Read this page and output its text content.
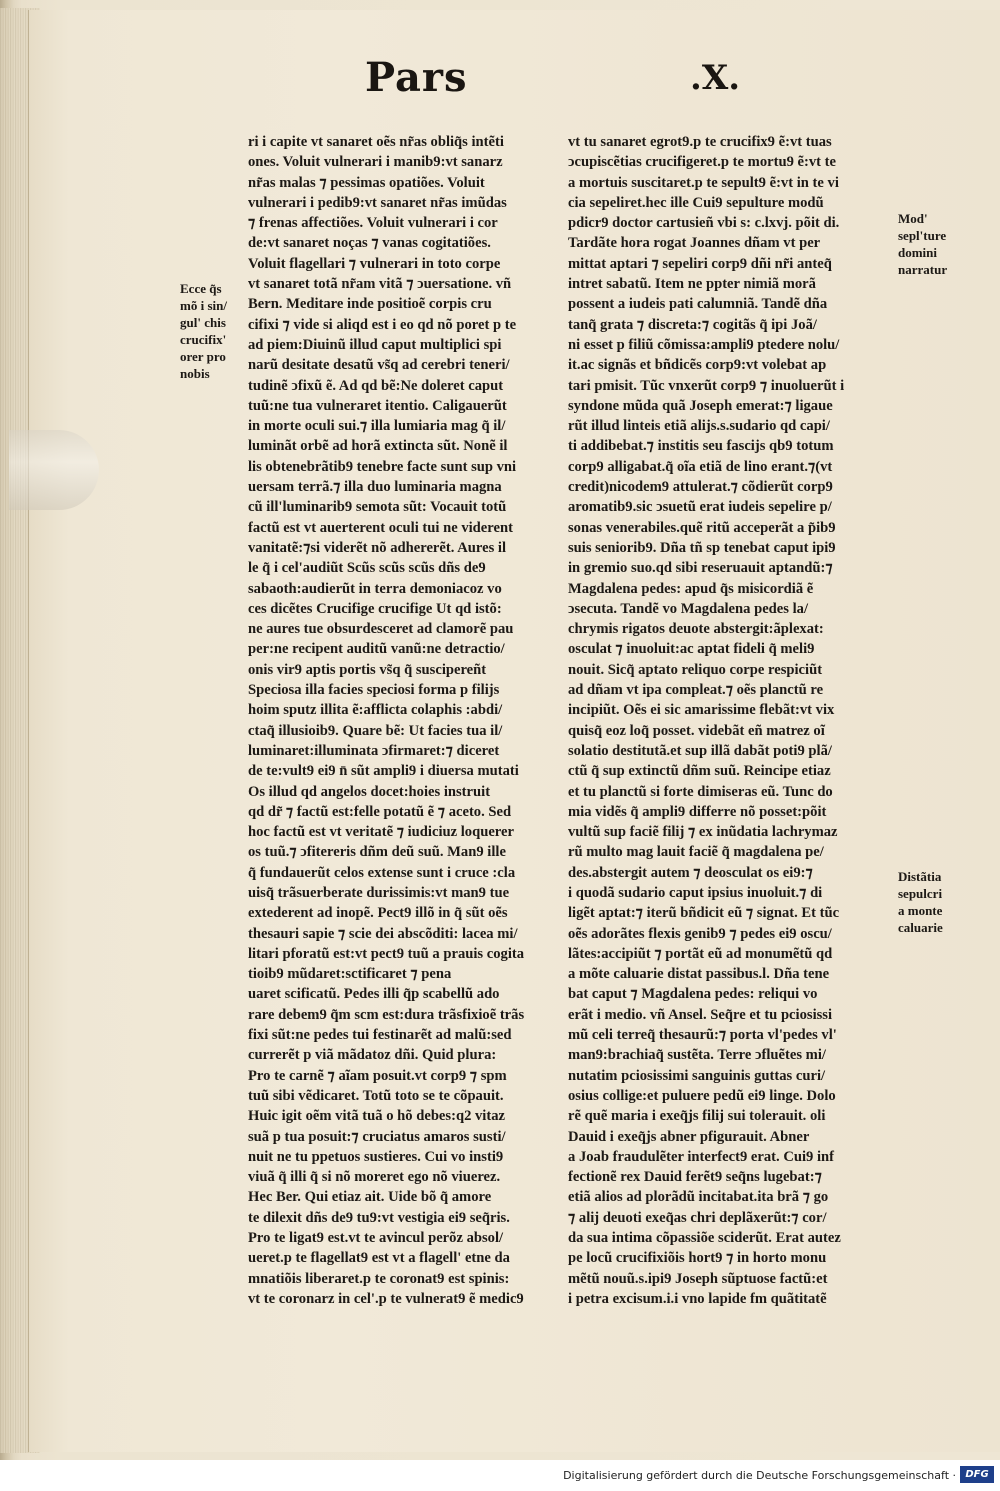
Pars	.X.
Ecce q̃s
mõ i sin/
gul' chis
crucifix'
orer pro
nobis
Mod'
sepl'ture
domini
narratur
Distãtia
sepulcri
a monte
caluarie
ri i capite vt sanaret oẽs nr̃as obliq̃s intẽti
ones. Voluit vulnerari i manib9:vt sanarz
nr̃as malas ⁊ pessimas opatiões. Voluit
vulnerari i pedib9:vt sanaret nr̃as imũdas
⁊ frenas affectiões. Voluit vulnerari i cor
de:vt sanaret noças ⁊ vanas cogitatiões.
Voluit flagellari ⁊ vulnerari in toto corpe
vt sanaret totã nr̃am vitã ⁊ ↄuersatione. vñ
Bern. Meditare inde positioẽ corpis cru
cifixi ⁊ vide si aliqd est i eo qd nõ poret p te
ad piem:Diuinũ illud caput multiplici spi
narũ desitate desatũ vs̃q ad cerebri teneri/
tudinẽ ↄfixũ ẽ. Ad qd bẽ:Ne doleret caput
tuũ:ne tua vulneraret itentio. Caligauerũt
in morte oculi sui.⁊ illa lumiaria mag q̃ il/
luminãt orbẽ ad horã extincta sũt. Nonẽ il
lis obtenebrãtib9 tenebre facte sunt sup vni
uersam terrã.⁊ illa duo luminaria magna
cũ ill'luminarib9 semota sũt: Vocauit totũ
factũ est vt auerterent oculi tui ne viderent
vanitatẽ:⁊si viderẽt nõ adhererẽt. Aures il
le q̃ i cel'audiũt Scũs scũs scũs dñs de9
sabaoth:audierũt in terra demoniacoz vo
ces dicẽtes Crucifige crucifige Ut qd istõ:
ne aures tue obsurdesceret ad clamorẽ pau
per:ne recipent auditũ vanũ:ne detractio/
onis vir9 aptis portis vs̃q q̃ suscipereñt
Speciosa illa facies speciosi forma p filijs
hoim sputz illita ẽ:afflicta colaphis :abdi/
ctaq̃ illusioib9. Quare bẽ: Ut facies tua il/
luminaret:illuminata ↄfirmaret:⁊ diceret
de te:vult9 ei9 n̄ sũt ampli9 i diuersa mutati
Os illud qd angelos docet:hoies instruit
qd dr̃ ⁊ factũ est:felle potatũ ẽ ⁊ aceto. Sed
hoc factũ est vt veritatẽ ⁊ iudiciuz loquerer
os tuũ.⁊ ↄfitereris dñm deũ suũ. Man9 ille
q̃ fundauerũt celos extense sunt i cruce :cla
uisq̃ trãsuerberate durissimis:vt man9 tue
extederent ad inopẽ. Pect9 illõ in q̃ sũt oẽs
thesauri sapie ⁊ scie dei abscõditi: lacea mi/
litari pforatũ est:vt pect9 tuũ a prauis cogita
tioib9 mũdaret:sctificaret ⁊ pena
uaret scificatũ. Pedes illi q̃p scabellũ ado
rare debem9 q̃m scm est:dura trãsfixioẽ trãs
fixi sũt:ne pedes tui festinarẽt ad malũ:sed
currerẽt p viã mãdatoz dñi. Quid plura:
Pro te carnẽ ⁊ aĩam posuit.vt corp9 ⁊ spm
tuũ sibi vẽdicaret. Totũ toto se te cõpauit.
Huic igit oẽm vitã tuã o hõ debes:q2 vitaz
suã p tua posuit:⁊ cruciatus amaros susti/
nuit ne tu ppetuos sustieres. Cui vo insti9
viuã q̃ illi q̃ si nõ moreret ego nõ viuerez.
Hec Ber. Qui etiaz ait. Uide bõ q̃ amore
te dilexit dñs de9 tu9:vt vestigia ei9 seq̃ris.
Pro te ligat9 est.vt te avincul perõz absol/
ueret.p te flagellat9 est vt a flagell' etne da
mnatiõis liberaret.p te coronat9 est spinis:
vt te coronarz in cel'.p te vulnerat9 ẽ medic9
vt tu sanaret egrot9.p te crucifix9 ẽ:vt tuas
ↄcupiscẽtias crucifigeret.p te mortu9 ẽ:vt te
a mortuis suscitaret.p te sepult9 ẽ:vt in te vi
cia sepeliret.hec ille Cui9 sepulture modũ
pdicr9 doctor cartusieñ vbi s: c.lxvj. põit di.
Tardãte hora rogat Joannes dñam vt per
mittat aptari ⁊ sepeliri corp9 dñi nr̃i anteq̃
intret sabatũ. Item ne ppter nimiã morã
possent a iudeis pati calumniã. Tandẽ dña
tanq̃ grata ⁊ discreta:⁊ cogitãs q̃ ipi Joã/
ni esset p filiũ cõmissa:ampli9 ptedere nolu/
it.ac signãs et bñdicẽs corp9:vt volebat ap
tari pmisit. Tũc vnxerũt corp9 ⁊ inuoluerũt i
syndone mũda quã Joseph emerat:⁊ ligaue
rũt illud linteis etiã alijs.s.sudario qd capi/
ti addibebat.⁊ institis seu fascijs qb9 totum
corp9 alligabat.q̃ oĩa etiã de lino erant.⁊(vt
credit)nicodem9 attulerat.⁊ cõdierũt corp9
aromatib9.sic ↄsuetũ erat iudeis sepelire p/
sonas venerabiles.quẽ ritũ acceperãt a p̃ib9
suis seniorib9. Dña tñ sp tenebat caput ipi9
in gremio suo.qd sibi reseruauit aptandũ:⁊
Magdalena pedes: apud q̃s misicordiã ẽ
ↄsecuta. Tandẽ vo Magdalena pedes la/
chrymis rigatos deuote abstergit:ãplexat:
osculat ⁊ inuoluit:ac aptat fideli q̃ meli9
nouit. Sicq̃ aptato reliquo corpe respiciũt
ad dñam vt ipa compleat.⁊ oẽs planctũ re
incipiũt. Oẽs ei sic amarissime flebãt:vt vix
quisq̃ eoz loq̃ posset. videbãt eñ matrez oĩ
solatio destitutã.et sup illã dabãt poti9 plã/
ctũ q̃ sup extinctũ dñm suũ. Reincipe etiaz
et tu planctũ si forte dimiseras eũ. Tunc do
mia vidẽs q̃ ampli9 differre nõ posset:põit
vultũ sup faciẽ filij ⁊ ex inũdatia lachrymaz
rũ multo mag lauit faciẽ q̃ magdalena pe/
des.abstergit autem ⁊ deosculat os ei9:⁊
i quodã sudario caput ipsius inuoluit.⁊ di
ligẽt aptat:⁊ iterũ bñdicit eũ ⁊ signat. Et tũc
oẽs adorãtes flexis genib9 ⁊ pedes ei9 oscu/
lãtes:accipiũt ⁊ portãt eũ ad monumẽtũ qd
a mõte caluarie distat passibus.l. Dña tene
bat caput ⁊ Magdalena pedes: reliqui vo
erãt i medio. vñ Ansel. Seq̃re et tu pciosissi
mũ celi terreq̃ thesaurũ:⁊ porta vl'pedes vl'
man9:brachiaq̃ sustẽta. Terre ↄfluẽtes mi/
nutatim pciosissimi sanguinis guttas curi/
osius collige:et puluere pedũ ei9 linge. Dolo
rẽ quẽ maria i exeq̃js filij sui tolerauit. oli
Dauid i exeq̃js abner pfigurauit. Abner
a Joab fraudulẽter interfect9 erat. Cui9 inf
fectionẽ rex Dauid ferẽt9 seq̃ns lugebat:⁊
etiã alios ad plorãdũ incitabat.ita brã ⁊ go
⁊ alij deuoti exeq̃as chri deplãxerũt:⁊ cor/
da sua intima cõpassiõe sciderũt. Erat autez
pe locũ crucifixiõis hort9 ⁊ in horto monu
mẽtũ nouũ.s.ipi9 Joseph sũptuose factũ:et
i petra excisum.i.i vno lapide fm quãtitatẽ
Digitalisierung gefördert durch die Deutsche Forschungsgemeinschaft · DFG
